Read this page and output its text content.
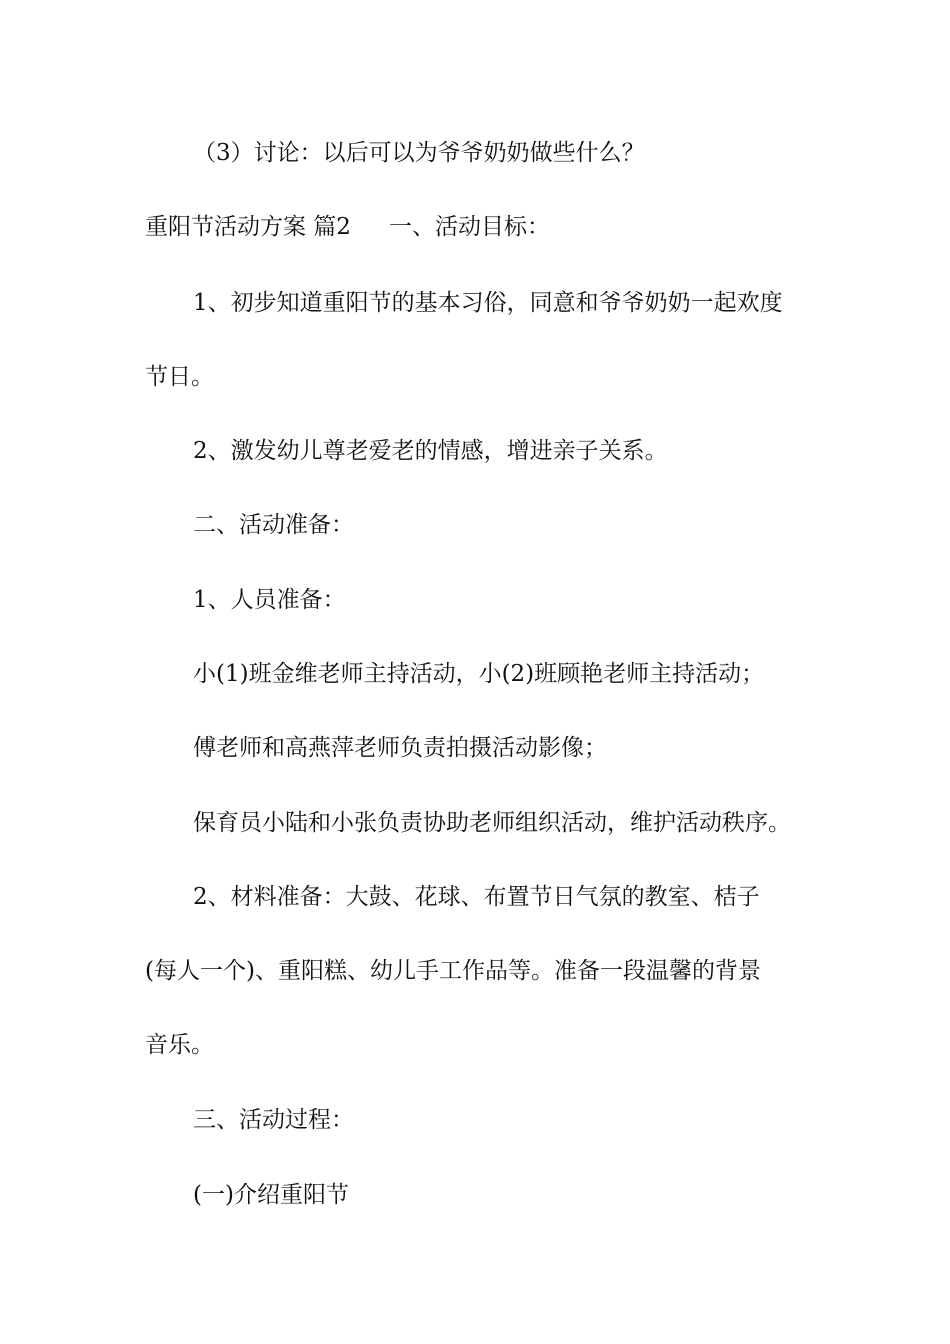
（3）讨论：以后可以为爷爷奶奶做些什么？

重阳节活动方案 篇2 一、活动目标：

1、初步知道重阳节的基本习俗，同意和爷爷奶奶一起欢度

节日。

2、激发幼儿尊老爱老的情感，增进亲子关系。

二、活动准备：

1、人员准备：

小(1)班金维老师主持活动，小(2)班顾艳老师主持活动；

傅老师和高燕萍老师负责拍摄活动影像；

保育员小陆和小张负责协助老师组织活动，维护活动秩序。

2、材料准备：大鼓、花球、布置节日气氛的教室、桔子

(每人一个)、重阳糕、幼儿手工作品等。准备一段温馨的背景

音乐。

三、活动过程：

(一)介绍重阳节
